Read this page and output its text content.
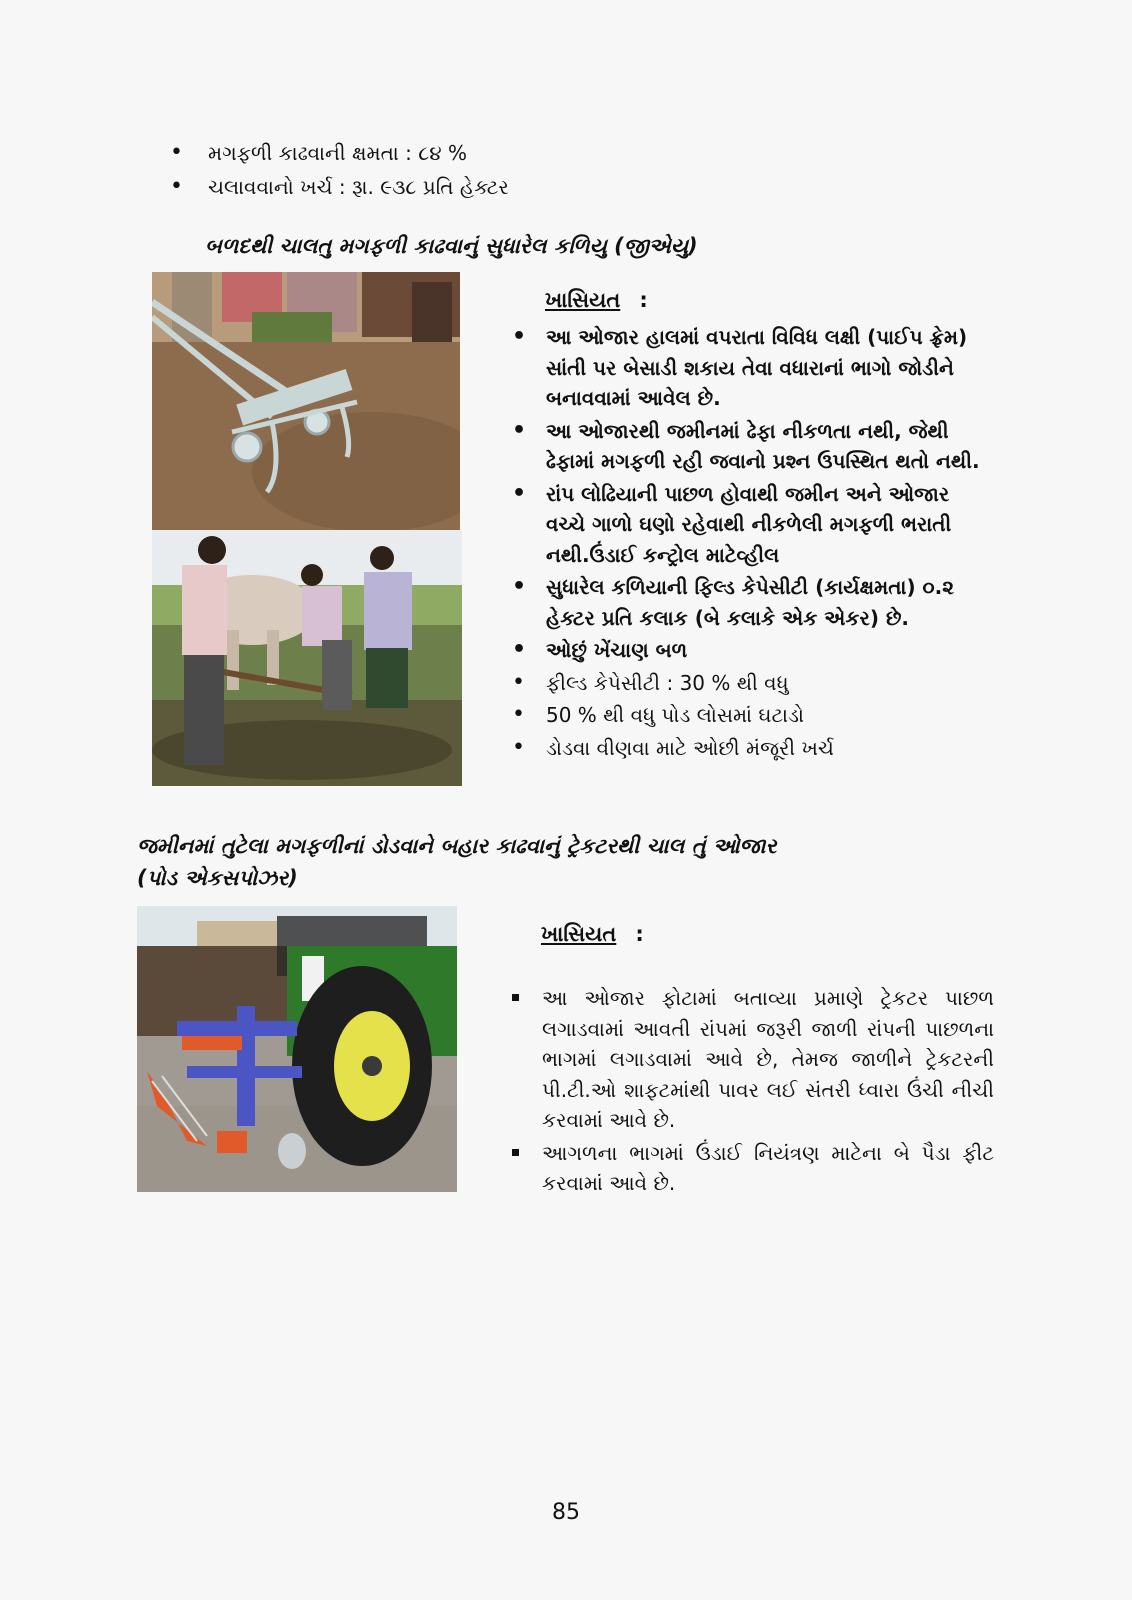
• મગફળી કાઢવાની ક્ષમતા : ૮૪ %
• ચલાવવાનો ખર્ચ : રૂા. ૯૩૮ પ્રતિ હેક્ટર
બળદથી ચાલતુ મગફળી કાઢવાનું સુધારેલ કળિયુ (જીએયુ)
ખાસિયત :
• આ ઓજાર હાલમાં વપરાતા વિવિધ લક્ષી (પાઈપ ફ્રેમ) સાંતી પર બેસાડી શકાય તેવા વધારાનાં ભાગો જોડીને બનાવવામાં આવેલ છે.
• આ ઓજારથી જમીનમાં ઢેફા નીકળતા નથી, જેથી ઢેફામાં મગફળી રહી જવાનો પ્રશ્ન ઉપસ્થિત થતો નથી.
• રાંપ લોઢિયાની પાછળ હોવાથી જમીન અને ઓજાર વચ્ચે ગાળો ઘણો રહેવાથી નીકળેલી મગફળી ભરાતી નથી.ઉંડાઈ કન્ટ્રોલ માટેવ્હીલ
• સુધારેલ કળિયાની ફિલ્ડ કેપેસીટી (કાર્યક્ષમતા) ૦.૨ હેક્ટર પ્રતિ કલાક (બે કલાકે એક એકર) છે.
• ઓછું ખેંચાણ બળ
• ફીલ્ડ કેપેસીટી : 30 % થી વધુ
• 50 % થી વધુ પોડ લોસમાં ઘટાડો
• ડોડવા વીણવા માટે ઓછી મંજૂરી ખર્ચ
જમીનમાં તુટેલા મગફળીનાં ડોડવાને બહાર કાઢવાનું ટ્રેકટરથી ચાલ તું ઓજાર
(પોડ એકસપોઝર)
ખાસિયત :
આ ઓજાર ફોટામાં બતાવ્યા પ્રમાણે ટ્રેકટર પાછળ લગાડવામાં આવતી રાંપમાં જરૂરી જાળી રાંપની પાછળના ભાગમાં લગાડવામાં આવે છે, તેમજ જાળીને ટ્રેકટરની પી.ટી.ઓ શાફટમાંથી પાવર લઈ સંતરી ધ્વારા ઉંચી નીચી કરવામાં આવે છે.
આગળના ભાગમાં ઉંડાઈ નિયંત્રણ માટેના બે પૈડા ફીટ કરવામાં આવે છે.
85
